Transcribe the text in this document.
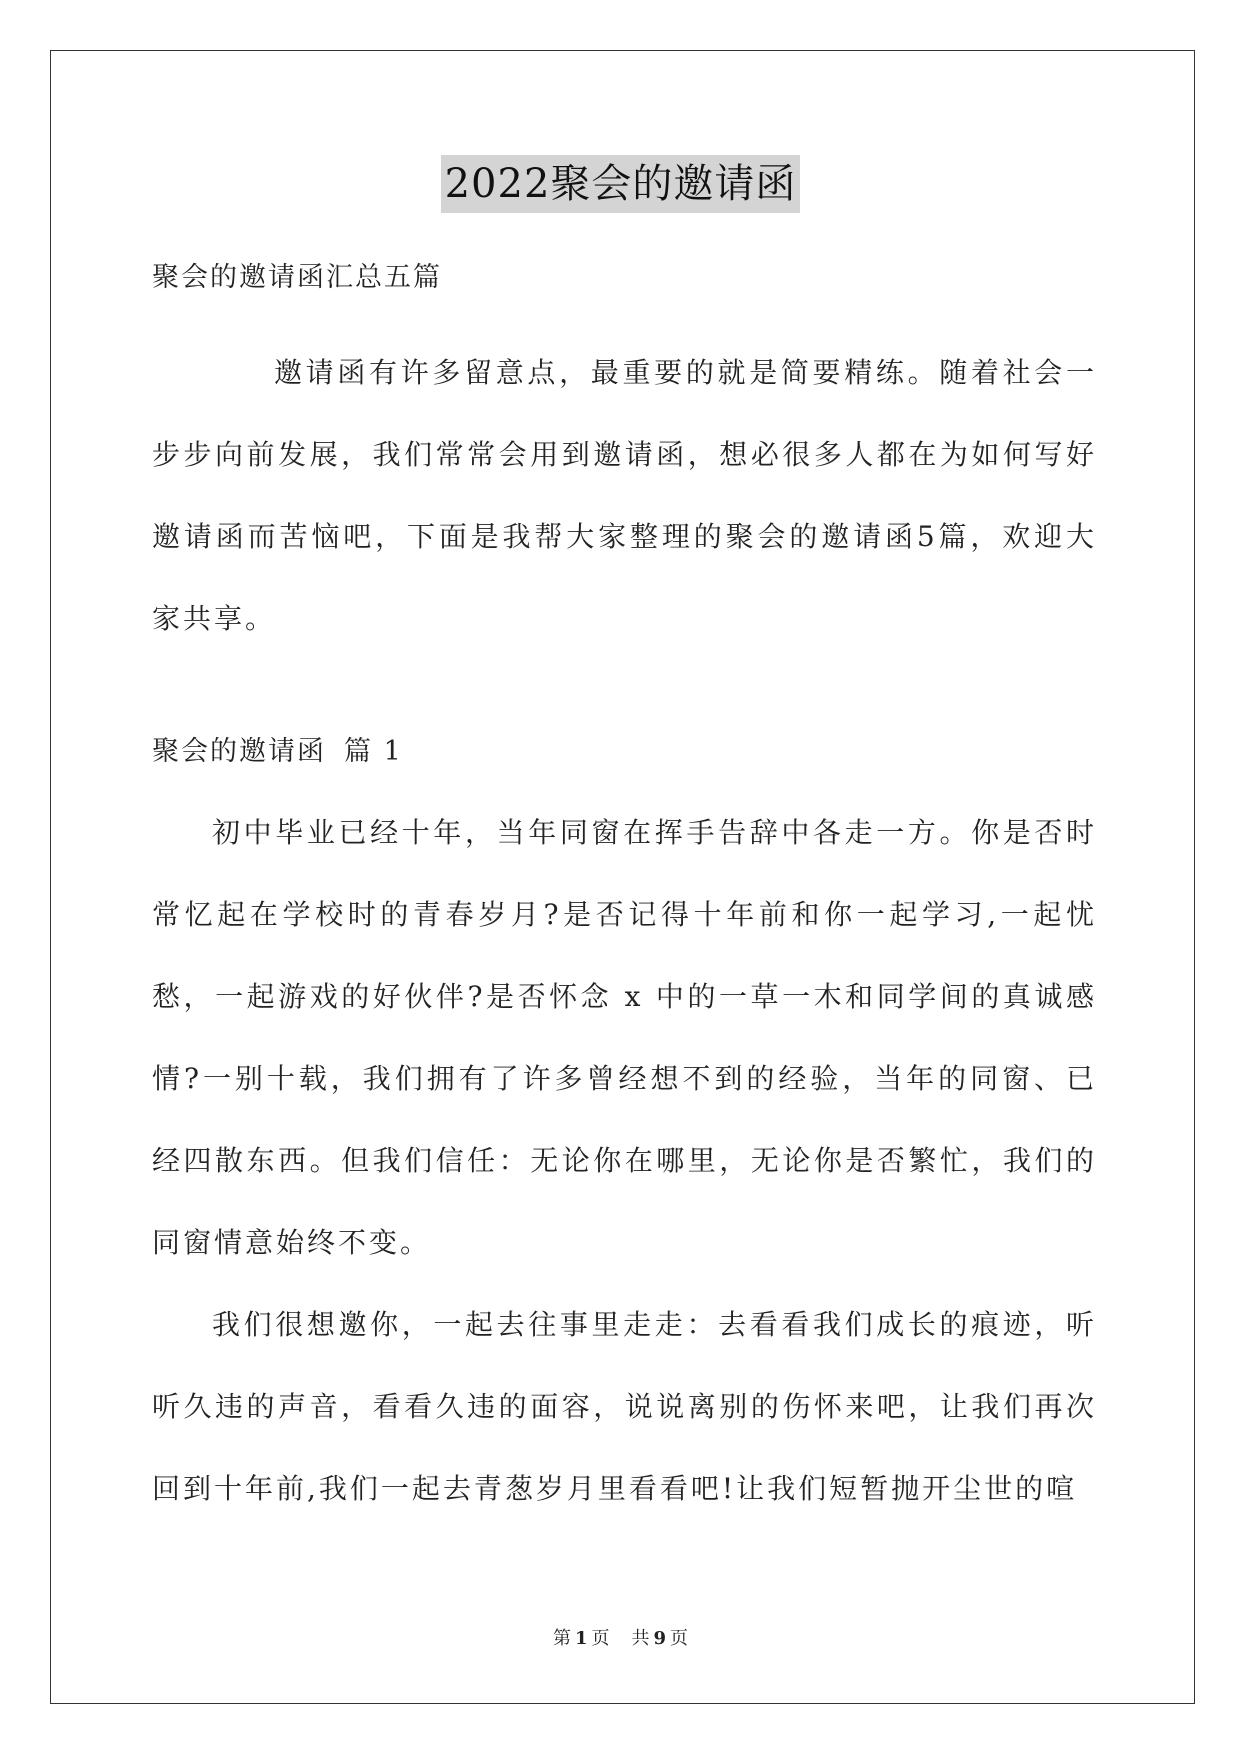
2022聚会的邀请函

聚会的邀请函汇总五篇

邀请函有许多留意点，最重要的就是简要精练。随着社会一步步向前发展，我们常常会用到邀请函，想必很多人都在为如何写好邀请函而苦恼吧，下面是我帮大家整理的聚会的邀请函5篇，欢迎大家共享。

聚会的邀请函 篇 1

初中毕业已经十年，当年同窗在挥手告辞中各走一方。你是否时常忆起在学校时的青春岁月?是否记得十年前和你一起学习,一起忧愁，一起游戏的好伙伴?是否怀念 x 中的一草一木和同学间的真诚感情?一别十载，我们拥有了许多曾经想不到的经验，当年的同窗、已经四散东西。但我们信任：无论你在哪里，无论你是否繁忙，我们的同窗情意始终不变。

我们很想邀你，一起去往事里走走：去看看我们成长的痕迹，听听久违的声音，看看久违的面容，说说离别的伤怀来吧，让我们再次回到十年前,我们一起去青葱岁月里看看吧!让我们短暂抛开尘世的喧

第 1 页 共 9 页
